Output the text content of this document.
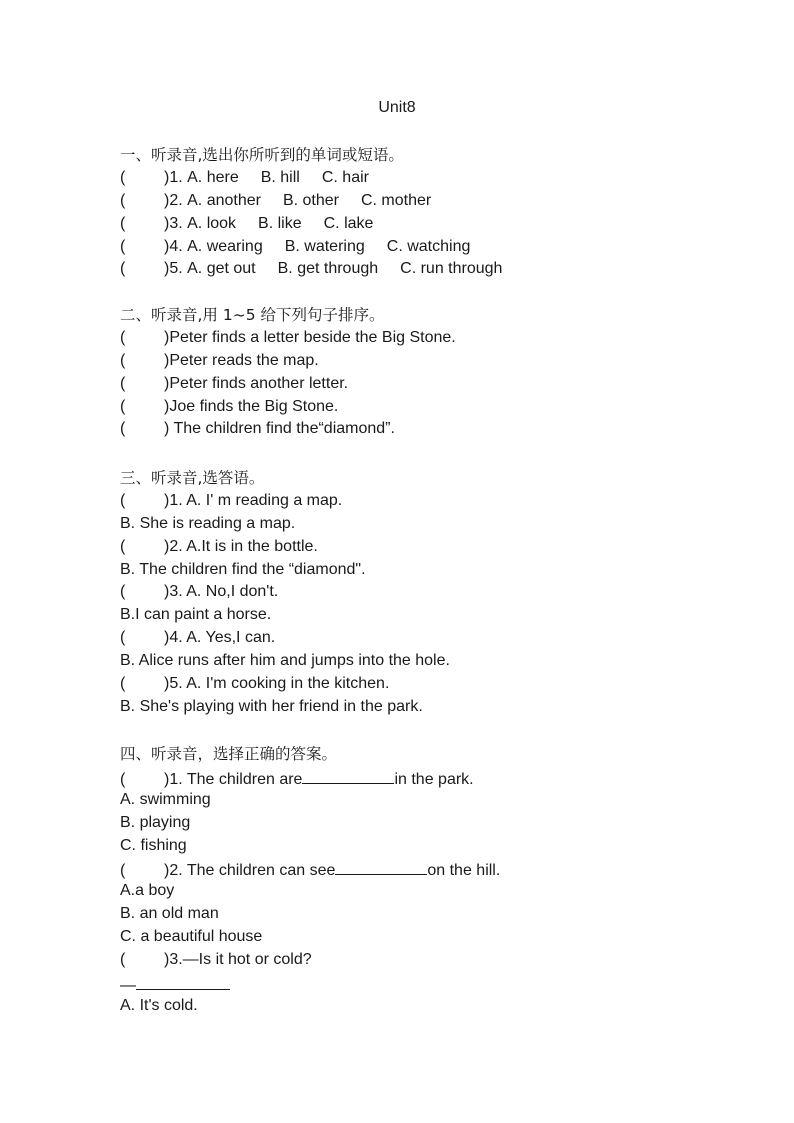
Unit8
一、听录音,选出你所听到的单词或短语。
( )1. A. here B. hill C. hair
( )2. A. another B. other C. mother
( )3. A. look B. like C. lake
( )4. A. wearing B. watering C. watching
( )5. A. get out B. get through C. run through
二、听录音,用 1~5 给下列句子排序。
( )Peter finds a letter beside the Big Stone.
( )Peter reads the map.
( )Peter finds another letter.
( )Joe finds the Big Stone.
( ) The children find the“diamond”.
三、听录音,选答语。
( )1. A. I' m reading a map.
B. She is reading a map.
( )2. A.It is in the bottle.
B. The children find the “diamond".
( )3. A. No,I don't.
B.I can paint a horse.
( )4. A. Yes,I can.
B. Alice runs after him and jumps into the hole.
( )5. A. I'm cooking in the kitchen.
B. She's playing with her friend in the park.
四、听录音，选择正确的答案。
( )1. The children are	in the park.
A. swimming
B. playing
C. fishing
( )2. The children can see	on the hill.
A.a boy
B. an old man
C. a beautiful house
( )3.—Is it hot or cold?
—
A. It's cold.
